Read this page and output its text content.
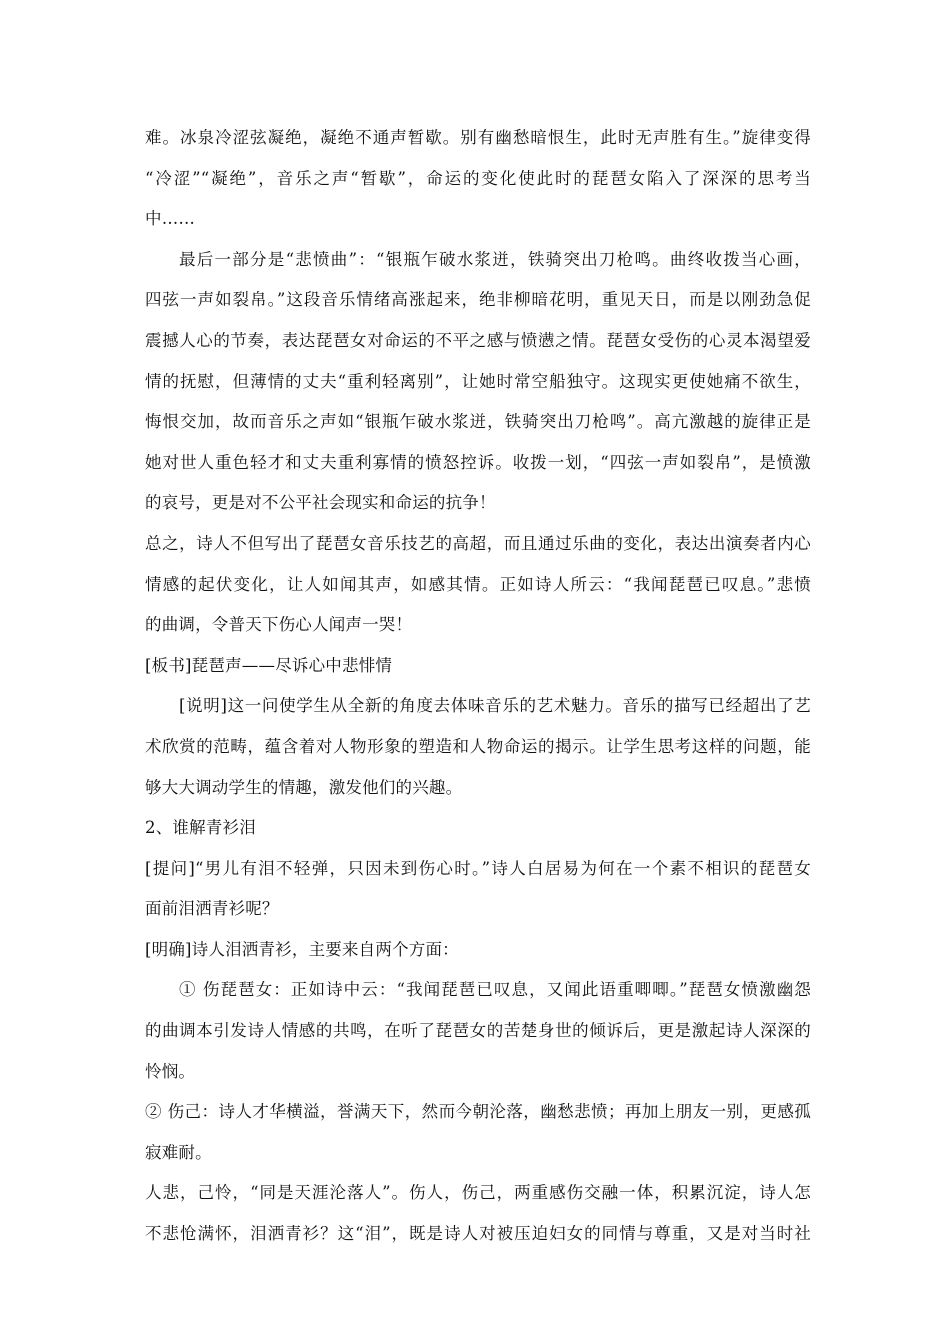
难。冰泉冷涩弦凝绝，凝绝不通声暂歇。别有幽愁暗恨生，此时无声胜有生。”旋律变得
“冷涩”“凝绝”，音乐之声“暂歇”，命运的变化使此时的琵琶女陷入了深深的思考当
中……
最后一部分是“悲愤曲”：“银瓶乍破水浆迸，铁骑突出刀枪鸣。曲终收拨当心画，
四弦一声如裂帛。”这段音乐情绪高涨起来，绝非柳暗花明，重见天日，而是以刚劲急促
震撼人心的节奏，表达琵琶女对命运的不平之感与愤懑之情。琵琶女受伤的心灵本渴望爱
情的抚慰，但薄情的丈夫“重利轻离别”，让她时常空船独守。这现实更使她痛不欲生，
悔恨交加，故而音乐之声如“银瓶乍破水浆迸，铁骑突出刀枪鸣”。高亢激越的旋律正是
她对世人重色轻才和丈夫重利寡情的愤怒控诉。收拨一划，“四弦一声如裂帛”，是愤激
的哀号，更是对不公平社会现实和命运的抗争！
总之，诗人不但写出了琵琶女音乐技艺的高超，而且通过乐曲的变化，表达出演奏者内心
情感的起伏变化，让人如闻其声，如感其情。正如诗人所云：“我闻琵琶已叹息。”悲愤
的曲调，令普天下伤心人闻声一哭！
[板书]琵琶声——尽诉心中悲悱情
[说明]这一问使学生从全新的角度去体味音乐的艺术魅力。音乐的描写已经超出了艺
术欣赏的范畴，蕴含着对人物形象的塑造和人物命运的揭示。让学生思考这样的问题，能
够大大调动学生的情趣，激发他们的兴趣。
2、谁解青衫泪
[提问]“男儿有泪不轻弹，只因未到伤心时。”诗人白居易为何在一个素不相识的琵琶女
面前泪洒青衫呢？
[明确]诗人泪洒青衫，主要来自两个方面：
① 伤琵琶女：正如诗中云：“我闻琵琶已叹息，又闻此语重唧唧。”琵琶女愤激幽怨
的曲调本引发诗人情感的共鸣，在听了琵琶女的苦楚身世的倾诉后，更是激起诗人深深的
怜悯。
② 伤己：诗人才华横溢，誉满天下，然而今朝沦落，幽愁悲愤；再加上朋友一别，更感孤
寂难耐。
人悲，己怜，“同是天涯沦落人”。伤人，伤己，两重感伤交融一体，积累沉淀，诗人怎
不悲怆满怀，泪洒青衫？这“泪”，既是诗人对被压迫妇女的同情与尊重，又是对当时社
